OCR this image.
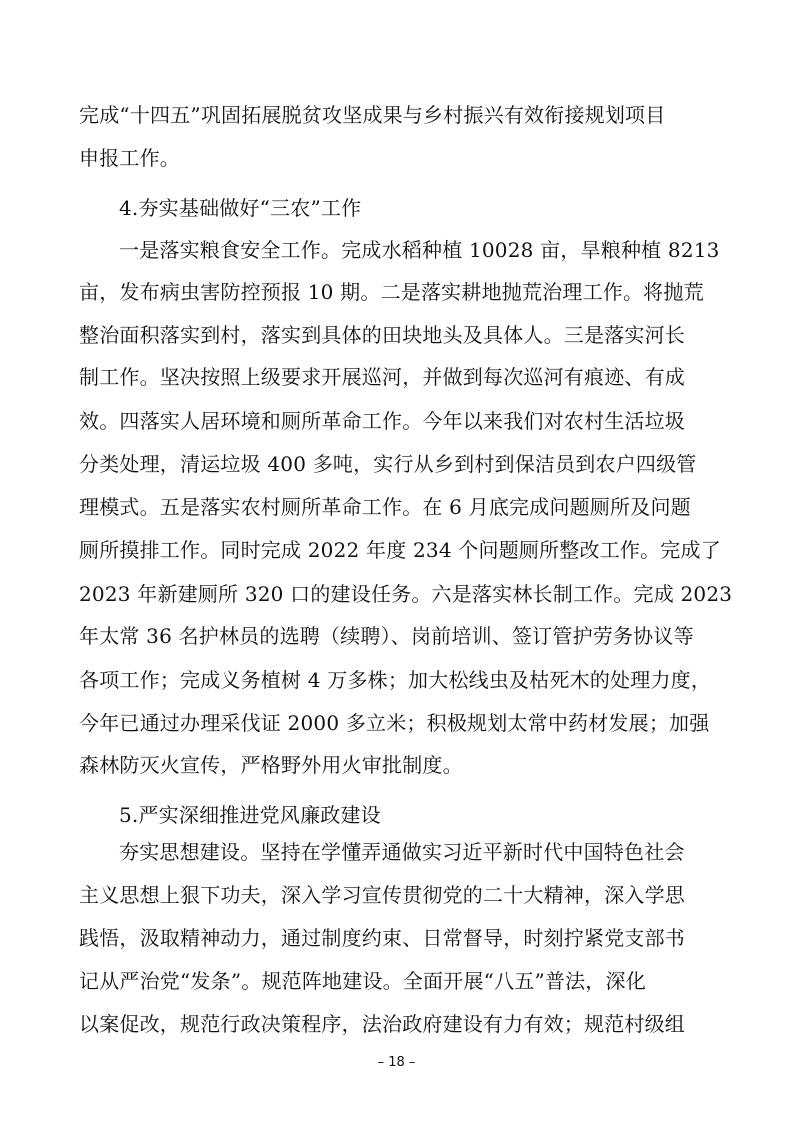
完成“十四五”巩固拓展脱贫攻坚成果与乡村振兴有效衔接规划项目
申报工作。
4.夯实基础做好“三农”工作
一是落实粮食安全工作。完成水稻种植 10028 亩，旱粮种植 8213
亩，发布病虫害防控预报 10 期。二是落实耕地抛荒治理工作。将抛荒
整治面积落实到村，落实到具体的田块地头及具体人。三是落实河长
制工作。坚决按照上级要求开展巡河，并做到每次巡河有痕迹、有成
效。四落实人居环境和厕所革命工作。今年以来我们对农村生活垃圾
分类处理，清运垃圾 400 多吨，实行从乡到村到保洁员到农户四级管
理模式。五是落实农村厕所革命工作。在 6 月底完成问题厕所及问题
厕所摸排工作。同时完成 2022 年度 234 个问题厕所整改工作。完成了
2023 年新建厕所 320 口的建设任务。六是落实林长制工作。完成 2023
年太常 36 名护林员的选聘（续聘）、岗前培训、签订管护劳务协议等
各项工作；完成义务植树 4 万多株；加大松线虫及枯死木的处理力度，
今年已通过办理采伐证 2000 多立米；积极规划太常中药材发展；加强
森林防灭火宣传，严格野外用火审批制度。
5.严实深细推进党风廉政建设
夯实思想建设。坚持在学懂弄通做实习近平新时代中国特色社会
主义思想上狠下功夫，深入学习宣传贯彻党的二十大精神，深入学思
践悟，汲取精神动力，通过制度约束、日常督导，时刻拧紧党支部书
记从严治党“发条”。规范阵地建设。全面开展“八五”普法，深化
以案促改，规范行政决策程序，法治政府建设有力有效；规范村级组
– 18 –
